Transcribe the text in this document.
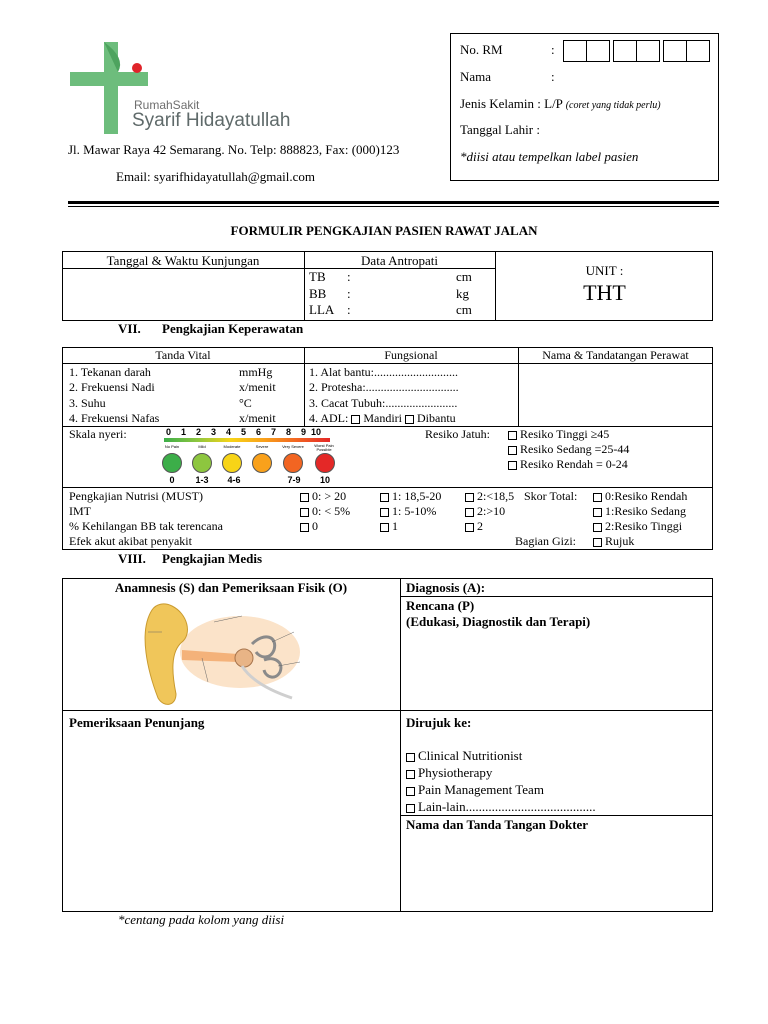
RumahSakit
Syarif Hidayatullah
Jl. Mawar Raya 42 Semarang. No. Telp: 888823, Fax: (000)123
Email: syarifhidayatullah@gmail.com
No. RM	:
Nama	:
Jenis Kelamin : L/P (coret yang tidak perlu)
Tanggal Lahir :
*diisi atau tempelkan label pasien
FORMULIR PENGKAJIAN PASIEN RAWAT JALAN
Tanggal & Waktu Kunjungan	Data Antropati
TB :	cm
BB :	kg
LLA :	cm
UNIT :
THT
VII. Pengkajian Keperawatan
Tanda Vital	Fungsional	Nama & Tandatangan Perawat
1. Tekanan darah	mmHg
2. Frekuensi Nadi	x/menit
3. Suhu	°C
4. Frekuensi Nafas	x/menit
1. Alat bantu:............................
2. Protesha:...............................
3. Cacat Tubuh:........................
4. ADL: Mandiri Dibantu
Skala nyeri:	0 1 2 3 4 5 6 7 8 9 10
No Pain	Mild	Moderate	Severe	Very Severe	Worst Pain Possible
0	1-3	4-6	7-9	10
Resiko Jatuh:	Resiko Tinggi ≥45
Resiko Sedang =25-44
Resiko Rendah = 0-24
Pengkajian Nutrisi (MUST)	0: > 20	1: 18,5-20	2:<18,5 Skor Total:	0:Resiko Rendah
IMT	0: < 5%	1: 5-10%	2:>10	1:Resiko Sedang
% Kehilangan BB tak terencana	0	1	2	2:Resiko Tinggi
Efek akut akibat penyakit	Bagian Gizi:	Rujuk
VIII. Pengkajian Medis
Anamnesis (S) dan Pemeriksaan Fisik (O)	Diagnosis (A):
Rencana (P)
(Edukasi, Diagnostik dan Terapi)
Pemeriksaan Penunjang	Dirujuk ke:
Clinical Nutritionist
Physiotherapy
Pain Management Team
Lain-lain........................................
Nama dan Tanda Tangan Dokter
*centang pada kolom yang diisi
